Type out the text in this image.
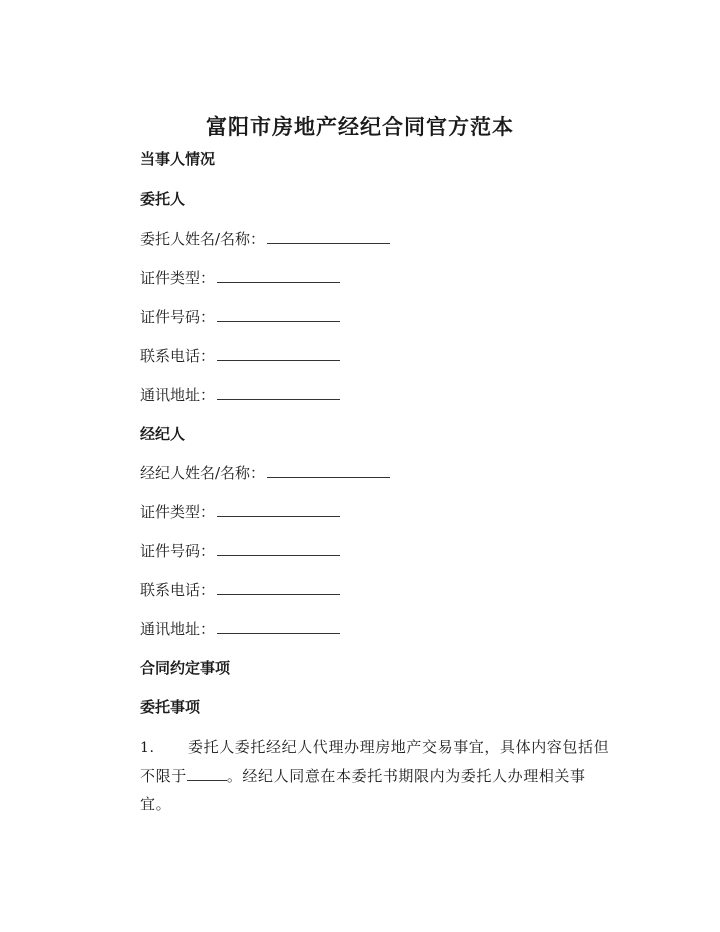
富阳市房地产经纪合同官方范本
当事人情况
委托人
委托人姓名/名称：
证件类型：
证件号码：
联系电话：
通讯地址：
经纪人
经纪人姓名/名称：
证件类型：
证件号码：
联系电话：
通讯地址：
合同约定事项
委托事项
1. 委托人委托经纪人代理办理房地产交易事宜，具体内容包括但不限于	。经纪人同意在本委托书期限内为委托人办理相关事宜。
